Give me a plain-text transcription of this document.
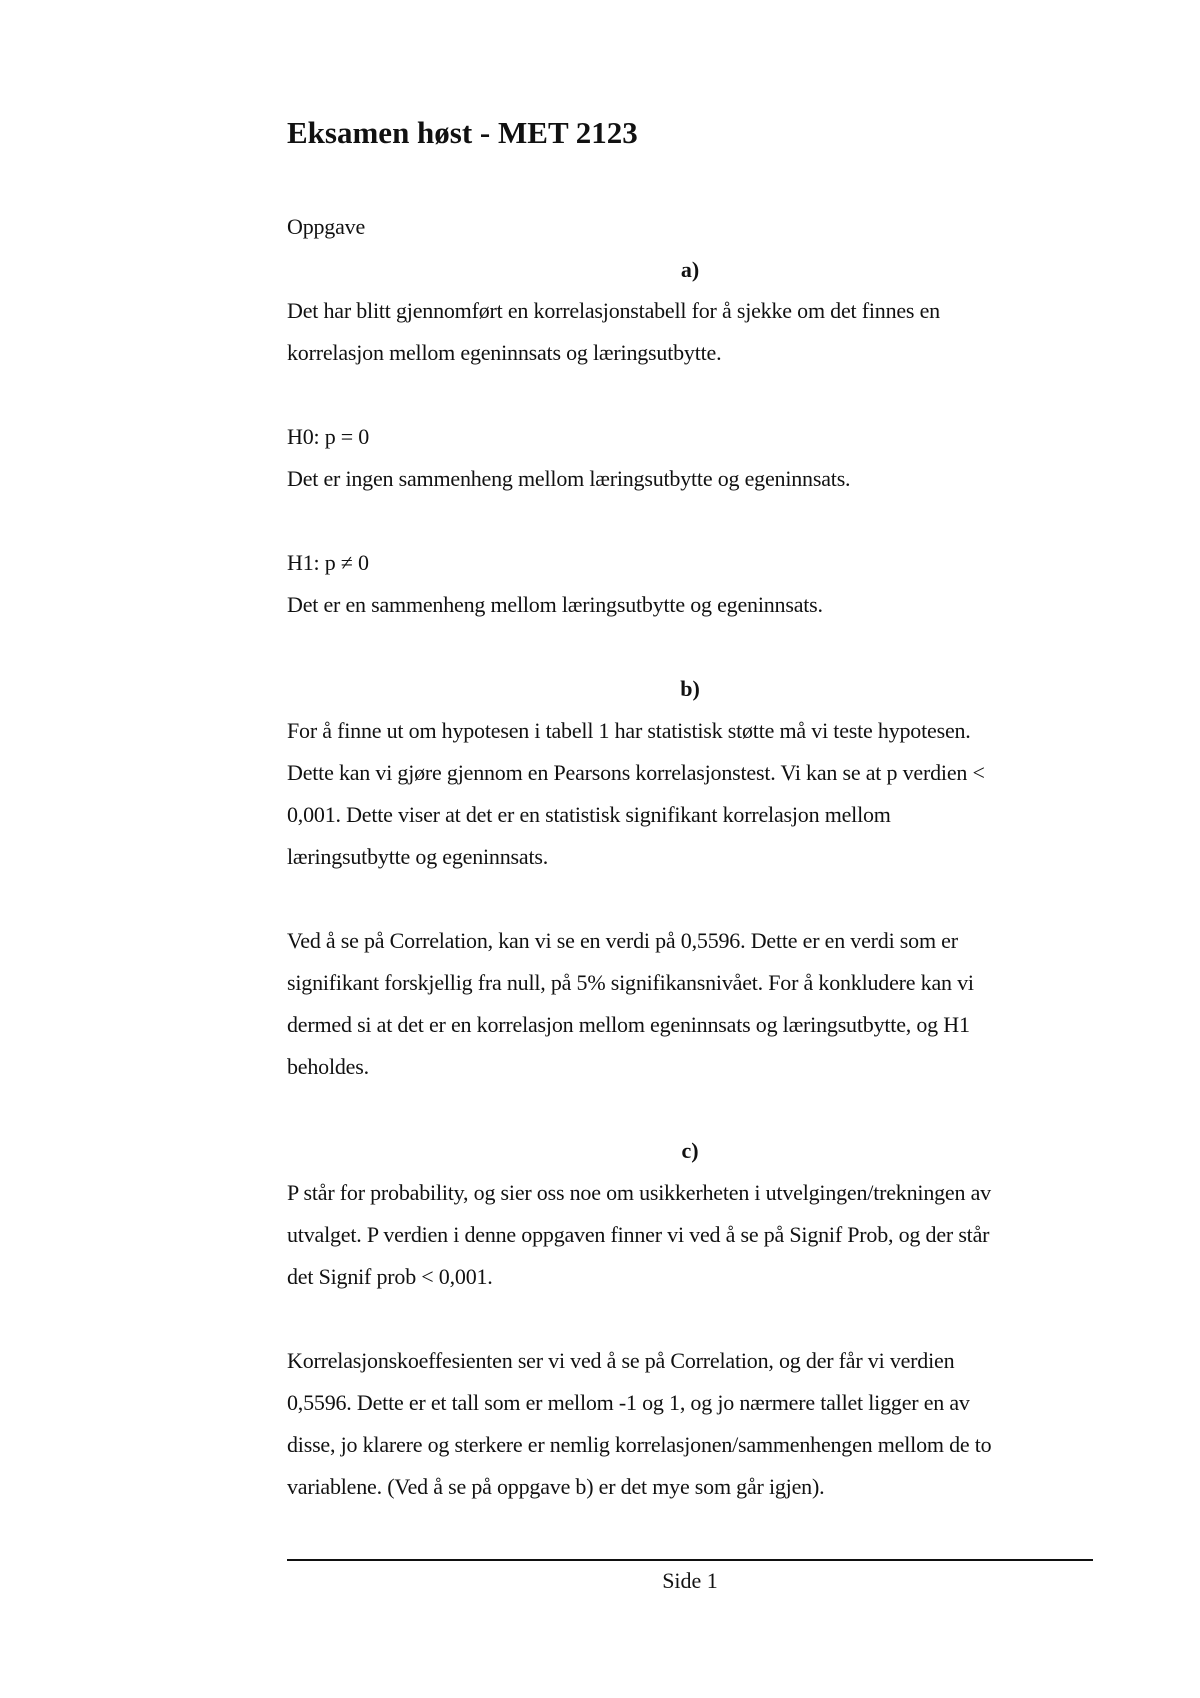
Eksamen høst - MET 2123

Oppgave

a)

Det har blitt gjennomført en korrelasjonstabell for å sjekke om det finnes en

korrelasjon mellom egeninnsats og læringsutbytte.

H0: p = 0

Det er ingen sammenheng mellom læringsutbytte og egeninnsats.

H1: p ≠ 0

Det er en sammenheng mellom læringsutbytte og egeninnsats.

b)

For å finne ut om hypotesen i tabell 1 har statistisk støtte må vi teste hypotesen.

Dette kan vi gjøre gjennom en Pearsons korrelasjonstest. Vi kan se at p verdien <

0,001. Dette viser at det er en statistisk signifikant korrelasjon mellom

læringsutbytte og egeninnsats.

Ved å se på Correlation, kan vi se en verdi på 0,5596. Dette er en verdi som er

signifikant forskjellig fra null, på 5% signifikansnivået. For å konkludere kan vi

dermed si at det er en korrelasjon mellom egeninnsats og læringsutbytte, og H1

beholdes.

c)

P står for probability, og sier oss noe om usikkerheten i utvelgingen/trekningen av

utvalget. P verdien i denne oppgaven finner vi ved å se på Signif Prob, og der står

det Signif prob < 0,001.

Korrelasjonskoeffesienten ser vi ved å se på Correlation, og der får vi verdien

0,5596. Dette er et tall som er mellom -1 og 1, og jo nærmere tallet ligger en av

disse, jo klarere og sterkere er nemlig korrelasjonen/sammenhengen mellom de to

variablene. (Ved å se på oppgave b) er det mye som går igjen).

Side 1
